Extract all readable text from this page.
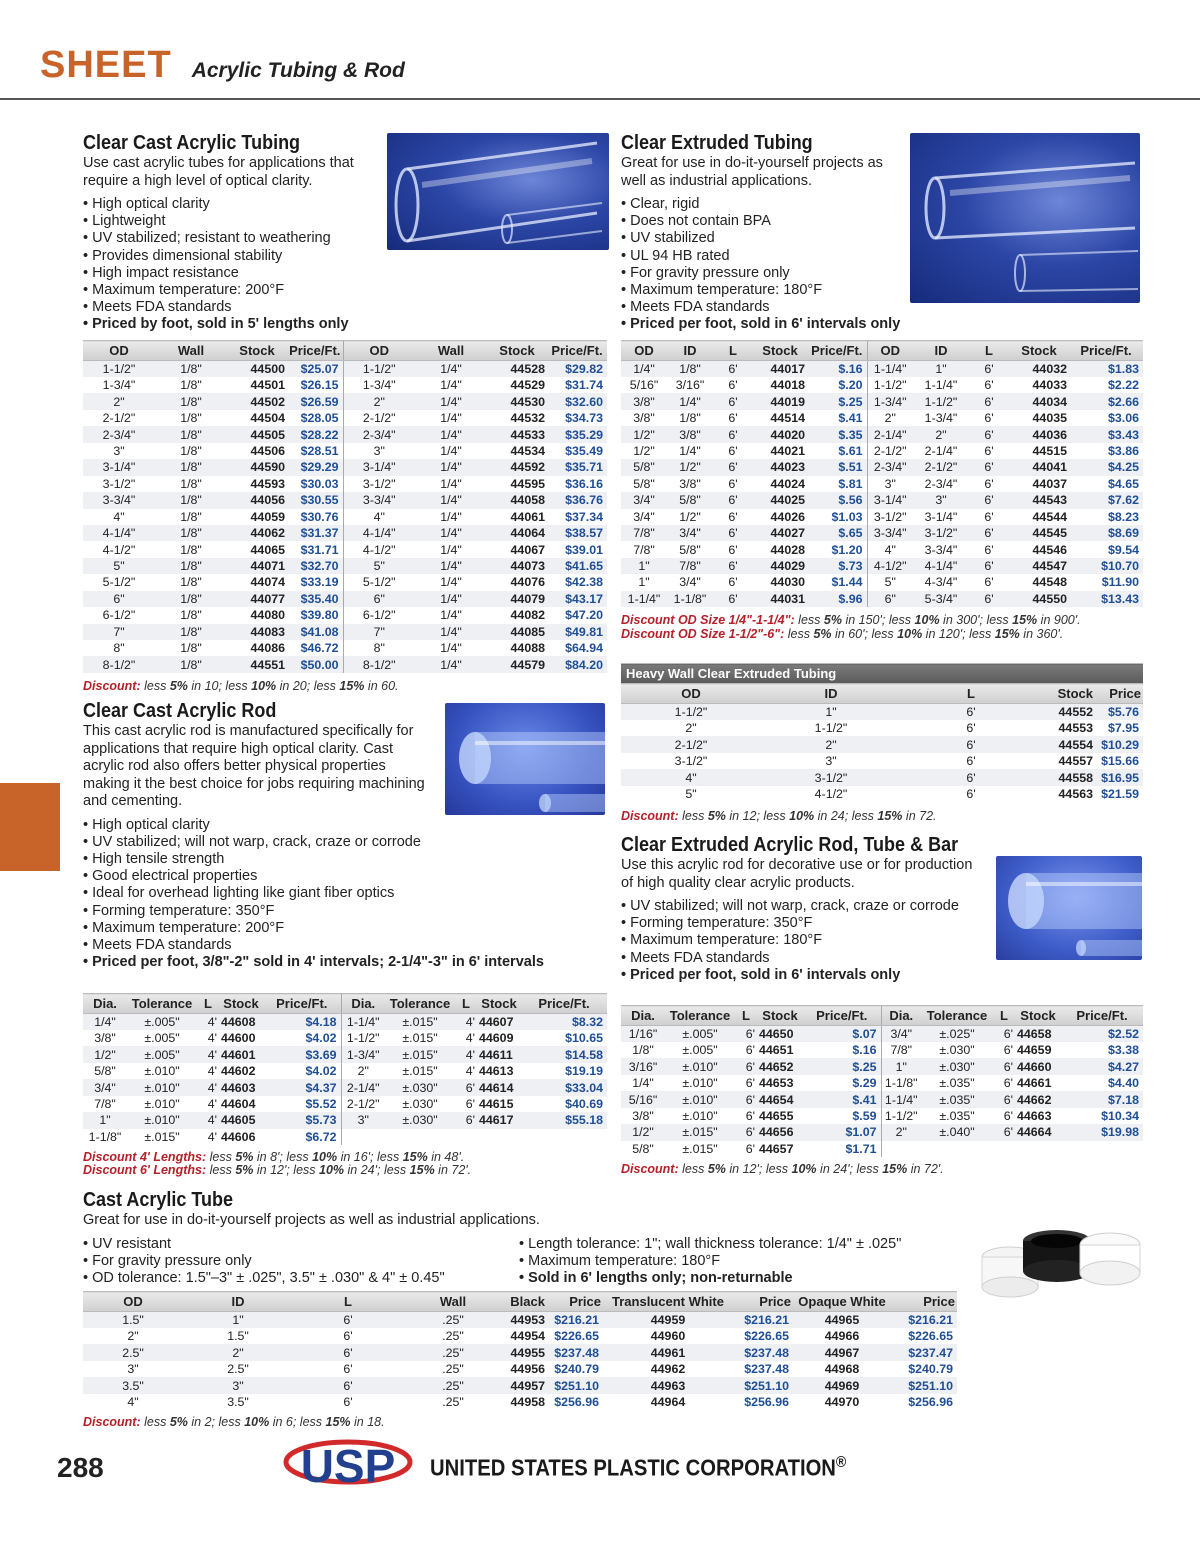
SHEET Acrylic Tubing & Rod
Clear Cast Acrylic Tubing
Use cast acrylic tubes for applications that require a high level of optical clarity.
• High optical clarity
• Lightweight
• UV stabilized; resistant to weathering
• Provides dimensional stability
• High impact resistance
• Maximum temperature: 200°F
• Meets FDA standards
• Priced by foot, sold in 5' lengths only
OD	Wall	Stock	Price/Ft.	OD	Wall	Stock	Price/Ft.
1-1/2"	1/8"	44500	$25.07	1-1/2"	1/4"	44528	$29.82
1-3/4"	1/8"	44501	$26.15	1-3/4"	1/4"	44529	$31.74
2"	1/8"	44502	$26.59	2"	1/4"	44530	$32.60
2-1/2"	1/8"	44504	$28.05	2-1/2"	1/4"	44532	$34.73
2-3/4"	1/8"	44505	$28.22	2-3/4"	1/4"	44533	$35.29
3"	1/8"	44506	$28.51	3"	1/4"	44534	$35.49
3-1/4"	1/8"	44590	$29.29	3-1/4"	1/4"	44592	$35.71
3-1/2"	1/8"	44593	$30.03	3-1/2"	1/4"	44595	$36.16
3-3/4"	1/8"	44056	$30.55	3-3/4"	1/4"	44058	$36.76
4"	1/8"	44059	$30.76	4"	1/4"	44061	$37.34
4-1/4"	1/8"	44062	$31.37	4-1/4"	1/4"	44064	$38.57
4-1/2"	1/8"	44065	$31.71	4-1/2"	1/4"	44067	$39.01
5"	1/8"	44071	$32.70	5"	1/4"	44073	$41.65
5-1/2"	1/8"	44074	$33.19	5-1/2"	1/4"	44076	$42.38
6"	1/8"	44077	$35.40	6"	1/4"	44079	$43.17
6-1/2"	1/8"	44080	$39.80	6-1/2"	1/4"	44082	$47.20
7"	1/8"	44083	$41.08	7"	1/4"	44085	$49.81
8"	1/8"	44086	$46.72	8"	1/4"	44088	$64.94
8-1/2"	1/8"	44551	$50.00	8-1/2"	1/4"	44579	$84.20
Discount: less 5% in 10; less 10% in 20; less 15% in 60.
Clear Extruded Tubing
Great for use in do-it-yourself projects as well as industrial applications.
• Clear, rigid
• Does not contain BPA
• UV stabilized
• UL 94 HB rated
• For gravity pressure only
• Maximum temperature: 180°F
• Meets FDA standards
• Priced per foot, sold in 6' intervals only
OD	ID	L	Stock	Price/Ft.	OD	ID	L	Stock	Price/Ft.
1/4"	1/8"	6'	44017	$.16	1-1/4"	1"	6'	44032	$1.83
5/16"	3/16"	6'	44018	$.20	1-1/2"	1-1/4"	6'	44033	$2.22
3/8"	1/4"	6'	44019	$.25	1-3/4"	1-1/2"	6'	44034	$2.66
3/8"	1/8"	6'	44514	$.41	2"	1-3/4"	6'	44035	$3.06
1/2"	3/8"	6'	44020	$.35	2-1/4"	2"	6'	44036	$3.43
1/2"	1/4"	6'	44021	$.61	2-1/2"	2-1/4"	6'	44515	$3.86
5/8"	1/2"	6'	44023	$.51	2-3/4"	2-1/2"	6'	44041	$4.25
5/8"	3/8"	6'	44024	$.81	3"	2-3/4"	6'	44037	$4.65
3/4"	5/8"	6'	44025	$.56	3-1/4"	3"	6'	44543	$7.62
3/4"	1/2"	6'	44026	$1.03	3-1/2"	3-1/4"	6'	44544	$8.23
7/8"	3/4"	6'	44027	$.65	3-3/4"	3-1/2"	6'	44545	$8.69
7/8"	5/8"	6'	44028	$1.20	4"	3-3/4"	6'	44546	$9.54
1"	7/8"	6'	44029	$.73	4-1/2"	4-1/4"	6'	44547	$10.70
1"	3/4"	6'	44030	$1.44	5"	4-3/4"	6'	44548	$11.90
1-1/4"	1-1/8"	6'	44031	$.96	6"	5-3/4"	6'	44550	$13.43
Discount OD Size 1/4"-1-1/4": less 5% in 150'; less 10% in 300'; less 15% in 900'.
Discount OD Size 1-1/2"-6": less 5% in 60'; less 10% in 120'; less 15% in 360'.
Heavy Wall Clear Extruded Tubing				
OD	ID	L	Stock	Price
1-1/2"	1"	6'	44552	$5.76
2"	1-1/2"	6'	44553	$7.95
2-1/2"	2"	6'	44554	$10.29
3-1/2"	3"	6'	44557	$15.66
4"	3-1/2"	6'	44558	$16.95
5"	4-1/2"	6'	44563	$21.59
Discount: less 5% in 12; less 10% in 24; less 15% in 72.
Clear Cast Acrylic Rod
This cast acrylic rod is manufactured specifically for applications that require high optical clarity. Cast acrylic rod also offers better physical properties making it the best choice for jobs requiring machining and cementing.
• High optical clarity
• UV stabilized; will not warp, crack, craze or corrode
• High tensile strength
• Good electrical properties
• Ideal for overhead lighting like giant fiber optics
• Forming temperature: 350°F
• Maximum temperature: 200°F
• Meets FDA standards
• Priced per foot, 3/8"-2" sold in 4' intervals; 2-1/4"-3" in 6' intervals
Dia.	Tolerance	L	Stock	Price/Ft.	Dia.	Tolerance	L	Stock	Price/Ft.
1/4"	±.005"	4'	44608	$4.18	1-1/4"	±.015"	4'	44607	$8.32
3/8"	±.005"	4'	44600	$4.02	1-1/2"	±.015"	4'	44609	$10.65
1/2"	±.005"	4'	44601	$3.69	1-3/4"	±.015"	4'	44611	$14.58
5/8"	±.010"	4'	44602	$4.02	2"	±.015"	4'	44613	$19.19
3/4"	±.010"	4'	44603	$4.37	2-1/4"	±.030"	6'	44614	$33.04
7/8"	±.010"	4'	44604	$5.52	2-1/2"	±.030"	6'	44615	$40.69
1"	±.010"	4'	44605	$5.73	3"	±.030"	6'	44617	$55.18
1-1/8"	±.015"	4'	44606	$6.72					
Discount 4' Lengths: less 5% in 8'; less 10% in 16'; less 15% in 48'.
Discount 6' Lengths: less 5% in 12'; less 10% in 24'; less 15% in 72'.
Clear Extruded Acrylic Rod, Tube & Bar
Use this acrylic rod for decorative use or for production of high quality clear acrylic products.
• UV stabilized; will not warp, crack, craze or corrode
• Forming temperature: 350°F
• Maximum temperature: 180°F
• Meets FDA standards
• Priced per foot, sold in 6' intervals only
Dia.	Tolerance	L	Stock	Price/Ft.	Dia.	Tolerance	L	Stock	Price/Ft.
1/16"	±.005"	6'	44650	$.07	3/4"	±.025"	6'	44658	$2.52
1/8"	±.005"	6'	44651	$.16	7/8"	±.030"	6'	44659	$3.38
3/16"	±.010"	6'	44652	$.25	1"	±.030"	6'	44660	$4.27
1/4"	±.010"	6'	44653	$.29	1-1/8"	±.035"	6'	44661	$4.40
5/16"	±.010"	6'	44654	$.41	1-1/4"	±.035"	6'	44662	$7.18
3/8"	±.010"	6'	44655	$.59	1-1/2"	±.035"	6'	44663	$10.34
1/2"	±.015"	6'	44656	$1.07	2"	±.040"	6'	44664	$19.98
5/8"	±.015"	6'	44657	$1.71					
Discount: less 5% in 12'; less 10% in 24'; less 15% in 72'.
Cast Acrylic Tube
Great for use in do-it-yourself projects as well as industrial applications.
• UV resistant	• Length tolerance: 1"; wall thickness tolerance: 1/4" ± .025"
• For gravity pressure only	• Maximum temperature: 180°F
• OD tolerance: 1.5"–3" ± .025", 3.5" ± .030" & 4" ± 0.45"	• Sold in 6' lengths only; non-returnable
OD	ID	L	Wall	Black	Price	Translucent White	Price	Opaque White	Price
1.5"	1"	6'	.25"	44953	$216.21	44959	$216.21	44965	$216.21
2"	1.5"	6'	.25"	44954	$226.65	44960	$226.65	44966	$226.65
2.5"	2"	6'	.25"	44955	$237.48	44961	$237.48	44967	$237.47
3"	2.5"	6'	.25"	44956	$240.79	44962	$237.48	44968	$240.79
3.5"	3"	6'	.25"	44957	$251.10	44963	$251.10	44969	$251.10
4"	3.5"	6'	.25"	44958	$256.96	44964	$256.96	44970	$256.96
Discount: less 5% in 2; less 10% in 6; less 15% in 18.
288	USP UNITED STATES PLASTIC CORPORATION®
